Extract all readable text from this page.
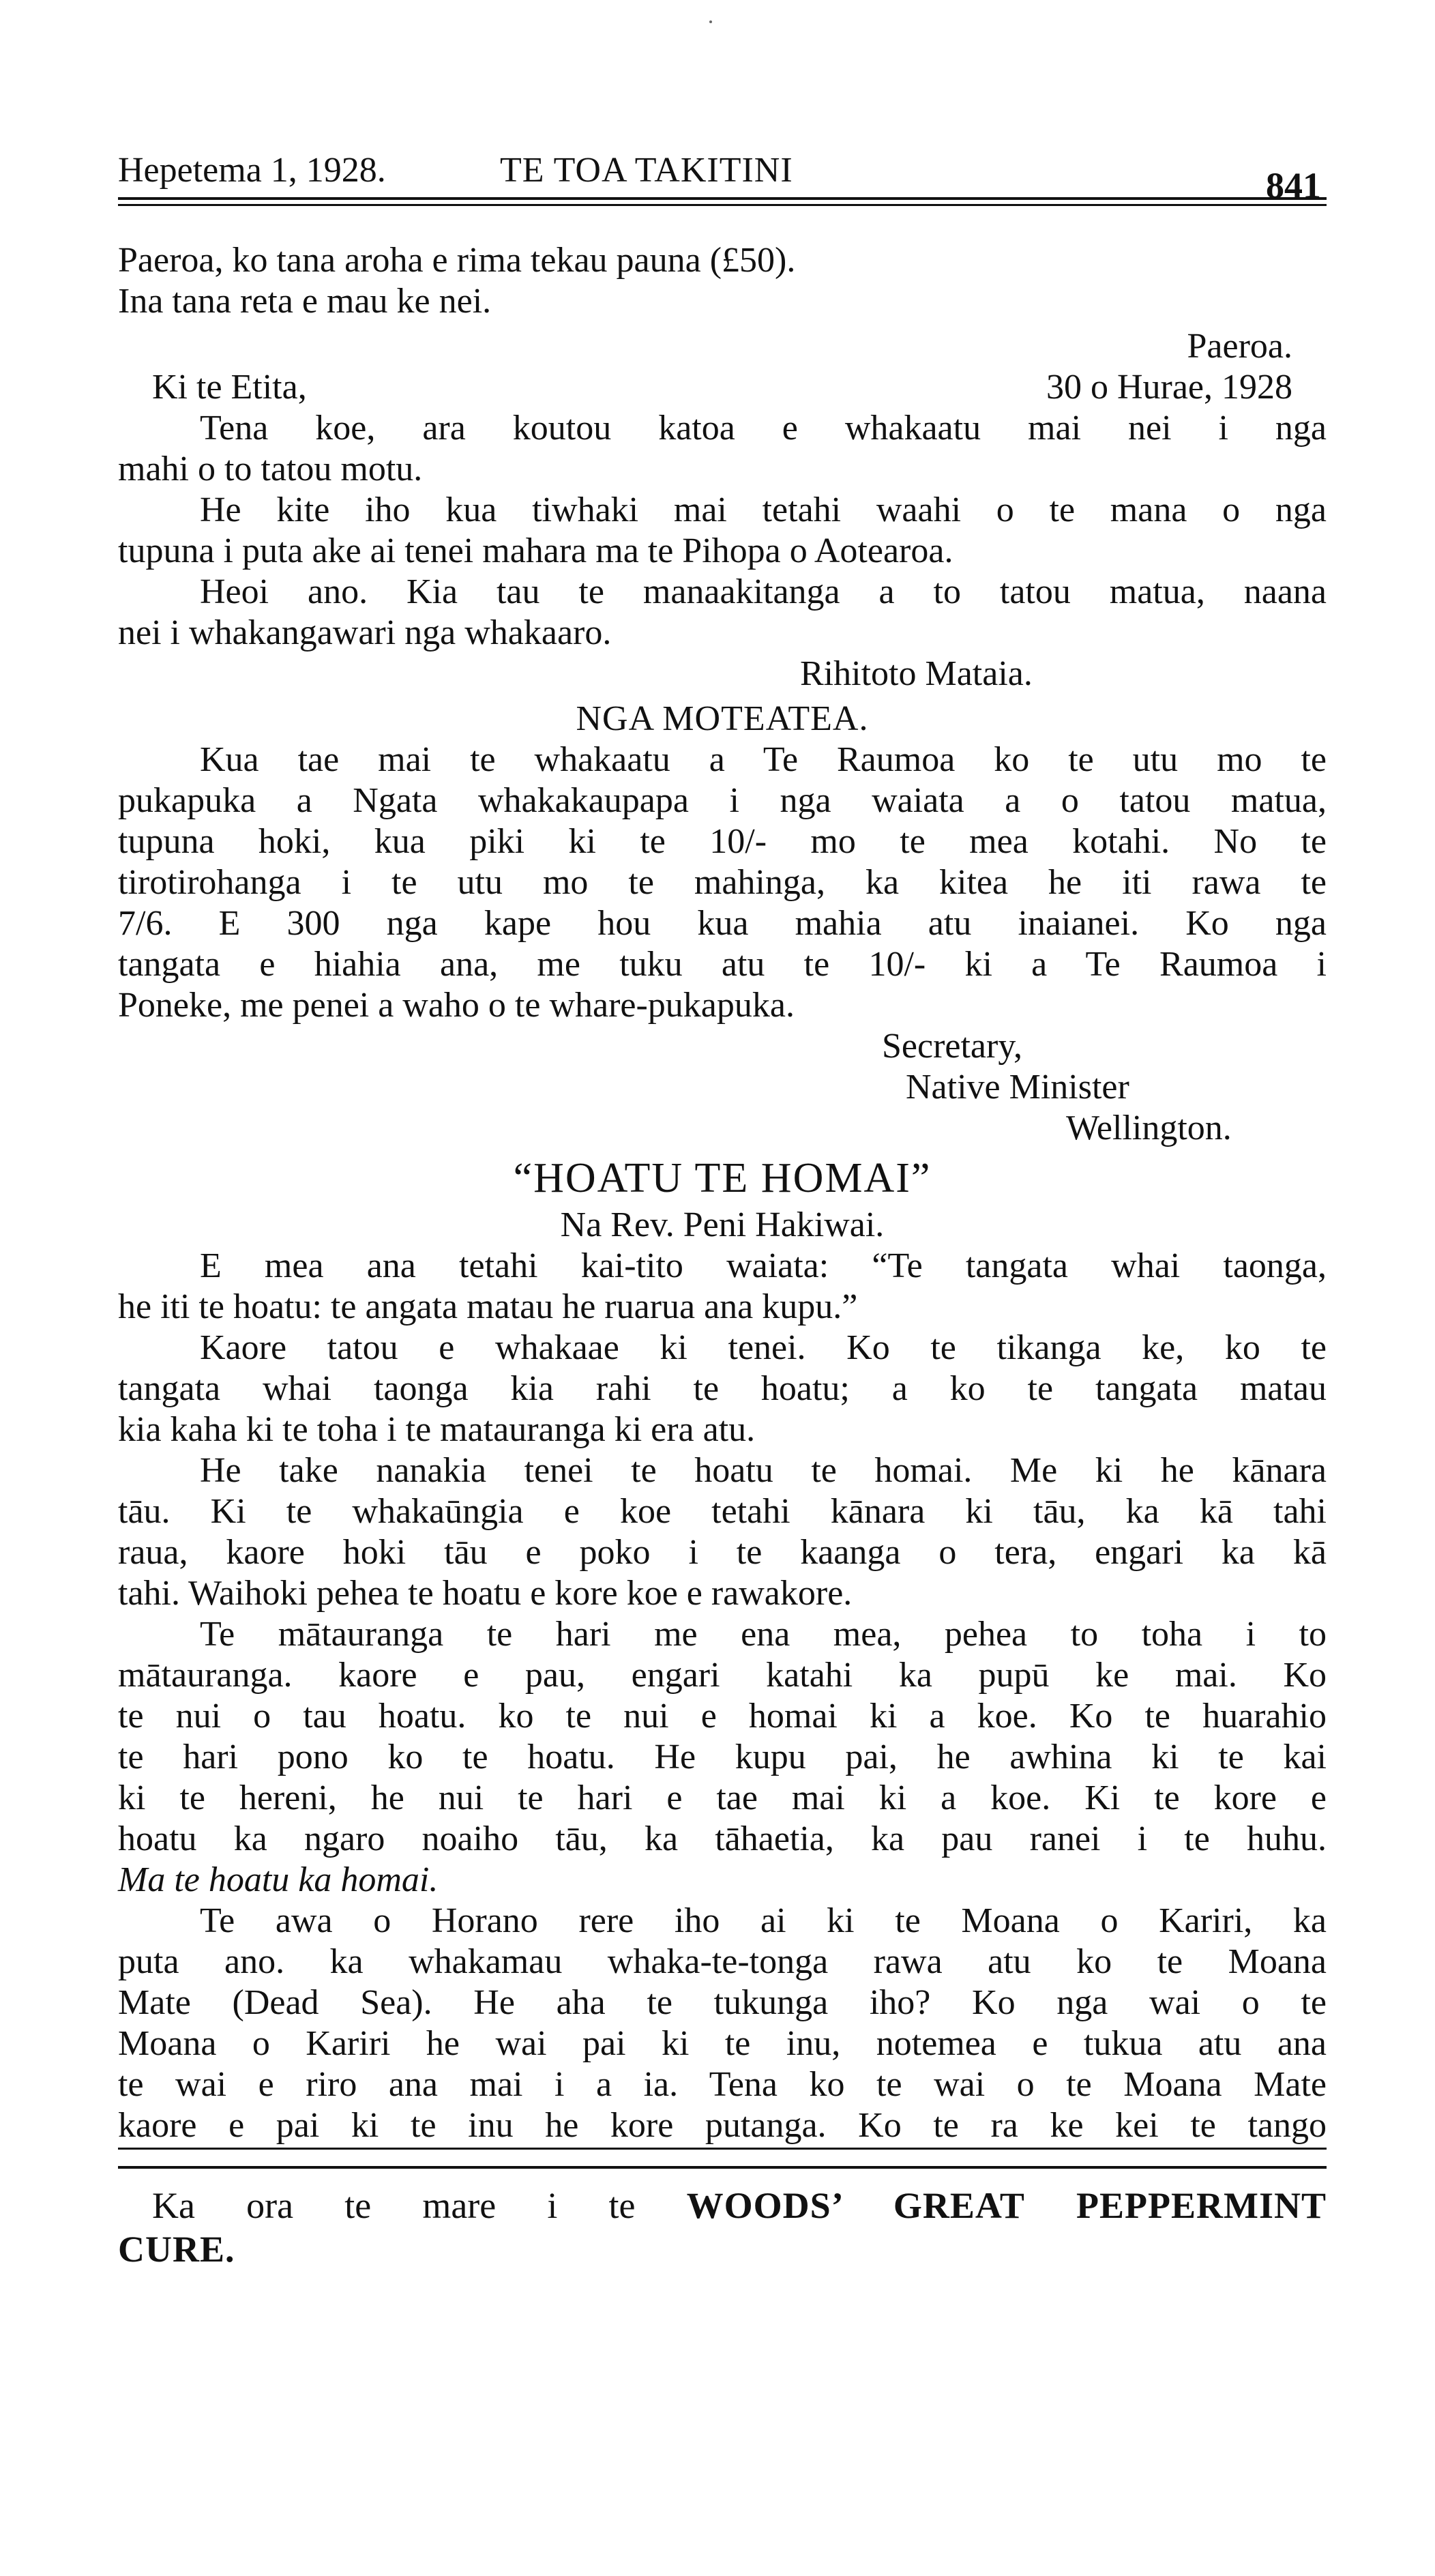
Hepetema 1, 1928.	TE TOA TAKITINI	841
Paeroa, ko tana aroha e rima tekau pauna (£50).
Ina tana reta e mau ke nei.
Paeroa.
Ki te Etita,	30 o Hurae, 1928
Tena koe, ara koutou katoa e whakaatu mai nei i nga
mahi o to tatou motu.
He kite iho kua tiwhaki mai tetahi waahi o te mana o nga
tupuna i puta ake ai tenei mahara ma te Pihopa o Aotearoa.
Heoi ano. Kia tau te manaakitanga a to tatou matua, naana
nei i whakangawari nga whakaaro.
Rihitoto Mataia.
NGA MOTEATEA.
Kua tae mai te whakaatu a Te Raumoa ko te utu mo te
pukapuka a Ngata whakakaupapa i nga waiata a o tatou matua,
tupuna hoki, kua piki ki te 10/- mo te mea kotahi. No te
tirotirohanga i te utu mo te mahinga, ka kitea he iti rawa te
7/6. E 300 nga kape hou kua mahia atu inaianei. Ko nga
tangata e hiahia ana, me tuku atu te 10/- ki a Te Raumoa i
Poneke, me penei a waho o te whare-pukapuka.
Secretary,
Native Minister
Wellington.
“HOATU TE HOMAI”
Na Rev. Peni Hakiwai.
E mea ana tetahi kai-tito waiata: “Te tangata whai taonga,
he iti te hoatu: te angata matau he ruarua ana kupu.”
Kaore tatou e whakaae ki tenei. Ko te tikanga ke, ko te
tangata whai taonga kia rahi te hoatu; a ko te tangata matau
kia kaha ki te toha i te matauranga ki era atu.
He take nanakia tenei te hoatu te homai. Me ki he kānara
tāu. Ki te whakaūngia e koe tetahi kānara ki tāu, ka kā tahi
raua, kaore hoki tāu e poko i te kaanga o tera, engari ka kā
tahi. Waihoki pehea te hoatu e kore koe e rawakore.
Te mātauranga te hari me ena mea, pehea to toha i to
mātauranga. kaore e pau, engari katahi ka pupū ke mai. Ko
te nui o tau hoatu. ko te nui e homai ki a koe. Ko te huarahio
te hari pono ko te hoatu. He kupu pai, he awhina ki te kai
ki te hereni, he nui te hari e tae mai ki a koe. Ki te kore e
hoatu ka ngaro noaiho tāu, ka tāhaetia, ka pau ranei i te huhu.
Ma te hoatu ka homai.
Te awa o Horano rere iho ai ki te Moana o Kariri, ka
puta ano. ka whakamau whaka-te-tonga rawa atu ko te Moana
Mate (Dead Sea). He aha te tukunga iho? Ko nga wai o te
Moana o Kariri he wai pai ki te inu, notemea e tukua atu ana
te wai e riro ana mai i a ia. Tena ko te wai o te Moana Mate
kaore e pai ki te inu he kore putanga. Ko te ra ke kei te tango
Ka ora te mare i te WOODS’ GREAT PEPPERMINT
CURE.
